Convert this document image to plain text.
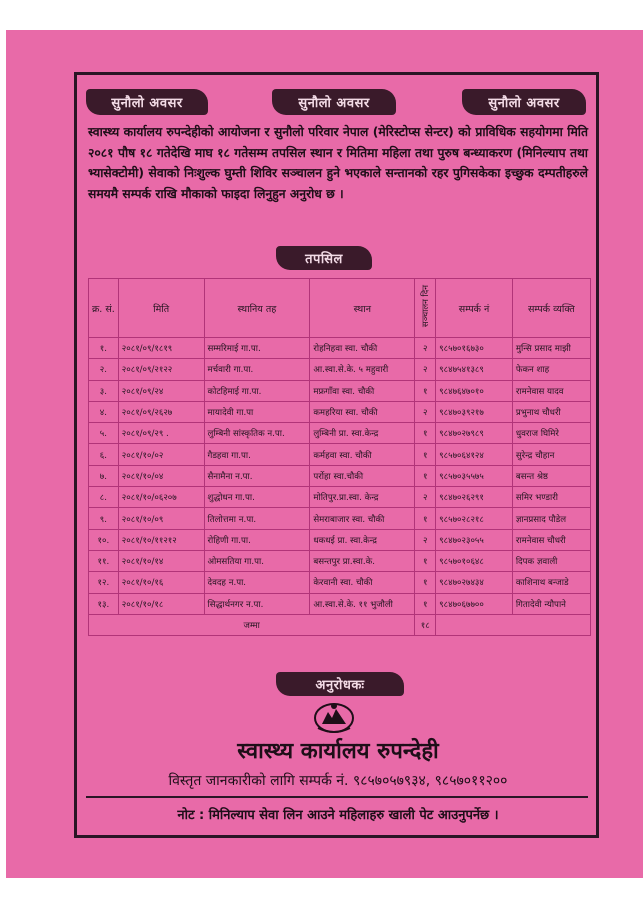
सुनौलो अवसर	सुनौलो अवसर	सुनौलो अवसर
स्वास्थ्य कार्यालय रुपन्देहीको आयोजना र सुनौलो परिवार नेपाल (मेरिस्टोप्स सेन्टर) को प्राविधिक सहयोगमा मिति २०८१ पौष १८ गतेदेखि माघ १८ गतेसम्म तपसिल स्थान र मितिमा महिला तथा पुरुष बन्ध्याकरण (मिनिल्याप तथा भ्यासेक्टोमी) सेवाको निःशुल्क घुम्ती शिविर सञ्चालन हुने भएकाले सन्तानको रहर पुगिसकेका इच्छुक दम्पतीहरुले समयमै सम्पर्क राखि मौकाको फाइदा लिनुहुन अनुरोध छ ।
तपसिल
क्र. सं.	मिति	स्थानिय तह	स्थान	सञ्चालन दिन	सम्पर्क नं	सम्पर्क व्यक्ति
१.	२०८१/०९/१८१९	सम्मरिमाई गा.पा.	रोहनिहवा स्वा. चौकी	२	९८५७०१६७३०	मुन्सि प्रसाद माझी
२.	२०८१/०९/२१२२	मर्चवारी गा.पा.	आ.स्वा.से.के. ५ महुवारी	२	९८४७५४१३८९	फेकन शाह
३.	२०८१/०९/२४	कोटहिमाई गा.पा.	मफ्रगाँवा स्वा. चौकी	१	९८४७६४७०१०	रामनेवास यादव
४.	२०८१/०९/२६२७	मायादेवी गा.पा	कमहरिया स्वा. चौकी	२	९८४७०३९२१७	प्रभुनाथ चौधरी
५.	२०८१/०९/२९ .	लुम्बिनी सांस्कृतिक न.पा.	लुम्बिनी प्रा. स्वा.केन्द्र	१	९८४७०२७९८९	धुवराज घिमिरे
६.	२०८१/१०/०२	गैडहवा गा.पा.	कर्महवा स्वा. चौकी	१	९८५७०६४१२४	सुरेन्द्र चौहान
७.	२०८१/१०/०४	सैनामैना न.पा.	पर्रोहा स्वा.चौकी	१	९८५७०३५५७५	बसन्त श्रेष्ठ
८.	२०८१/१०/०६२०७	शुद्धोधन गा.पा.	मोतिपुर.प्रा.स्वा. केन्द्र	२	९८४७०२६२९१	समिर भण्डारी
९.	२०८१/१०/०९	तिलोत्तमा न.पा.	सेमराबाजार स्वा. चौकी	१	९८५७०२८२१८	ज्ञानप्रसाद पौडेल
१०.	२०८१/१०/११२१२	रोहिणी गा.पा.	धकधई प्रा. स्वा.केन्द्र	२	९८४७०२३०५५	रामनेवास चौधरी
११.	२०८१/१०/१४	ओमसतिया गा.पा.	बसन्तपुर प्रा.स्वा.के.	१	९८५७०१०६४८	दिपक ज्ञवाली
१२.	२०८१/१०/१६	देवदह न.पा.	केरवानी स्वा. चौकी	१	९८४७०२७४३४	काशिनाथ बन्जाडे
१३.	२०८१/१०/१८	सिद्धार्थनगर न.पा.	आ.स्वा.से.के. ११ भुजौली	१	९८४७०६७७००	गितादेवी न्यौपाने
जम्मा				१८		
अनुरोधकः
स्वास्थ्य कार्यालय रुपन्देही
विस्तृत जानकारीको लागि सम्पर्क नं. ९८५७०५७९३४, ९८५७०११२००
नोट : मिनिल्याप सेवा लिन आउने महिलाहरु खाली पेट आउनुपर्नेछ ।
